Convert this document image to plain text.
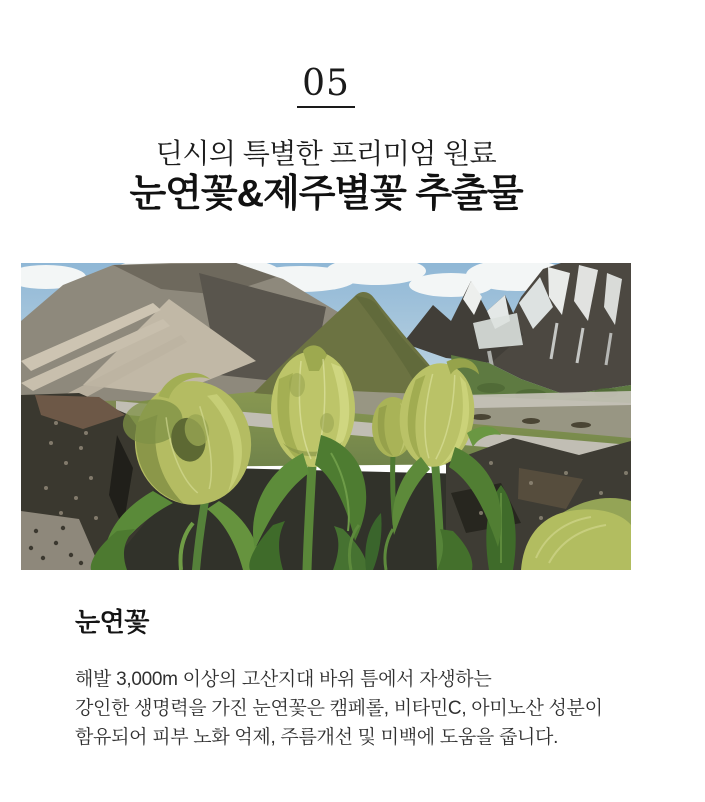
05
딘시의 특별한 프리미엄 원료
눈연꽃&제주별꽃 추출물
눈연꽃
해발 3,000m 이상의 고산지대 바위 틈에서 자생하는
강인한 생명력을 가진 눈연꽃은 캠페롤, 비타민C, 아미노산 성분이
함유되어 피부 노화 억제, 주름개선 및 미백에 도움을 줍니다.
